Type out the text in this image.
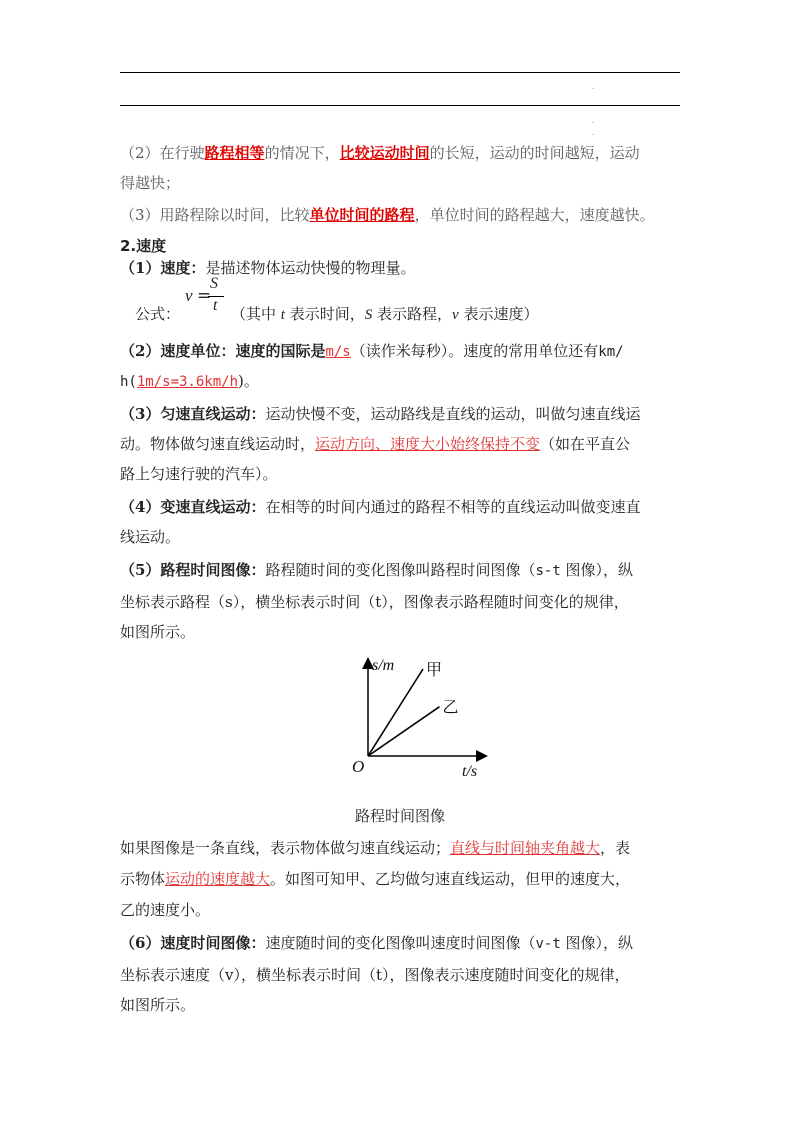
.
.
.
（2）在行驶路程相等的情况下，比较运动时间的长短，运动的时间越短，运动
得越快；
（3）用路程除以时间，比较单位时间的路程，单位时间的路程越大，速度越快。
2.速度
（1）速度：是描述物体运动快慢的物理量。
公式：
v =
S
t （其中 t 表示时间，S 表示路程，v 表示速度）
（2）速度单位：速度的国际是m/s（读作米每秒）。速度的常用单位还有km/
h(1m/s=3.6km/h)。
（3）匀速直线运动：运动快慢不变，运动路线是直线的运动，叫做匀速直线运
动。物体做匀速直线运动时，运动方向、速度大小始终保持不变（如在平直公
路上匀速行驶的汽车）。
（4）变速直线运动：在相等的时间内通过的路程不相等的直线运动叫做变速直
线运动。
（5）路程时间图像：路程随时间的变化图像叫路程时间图像（s-t 图像），纵
坐标表示路程（s），横坐标表示时间（t），图像表示路程随时间变化的规律，
如图所示。
甲
乙
s/m
t/s
O
路程时间图像
如果图像是一条直线，表示物体做匀速直线运动；直线与时间轴夹角越大，表
示物体运动的速度越大。如图可知甲、乙均做匀速直线运动，但甲的速度大，
乙的速度小。
（6）速度时间图像：速度随时间的变化图像叫速度时间图像（v-t 图像），纵
坐标表示速度（v），横坐标表示时间（t），图像表示速度随时间变化的规律，
如图所示。
